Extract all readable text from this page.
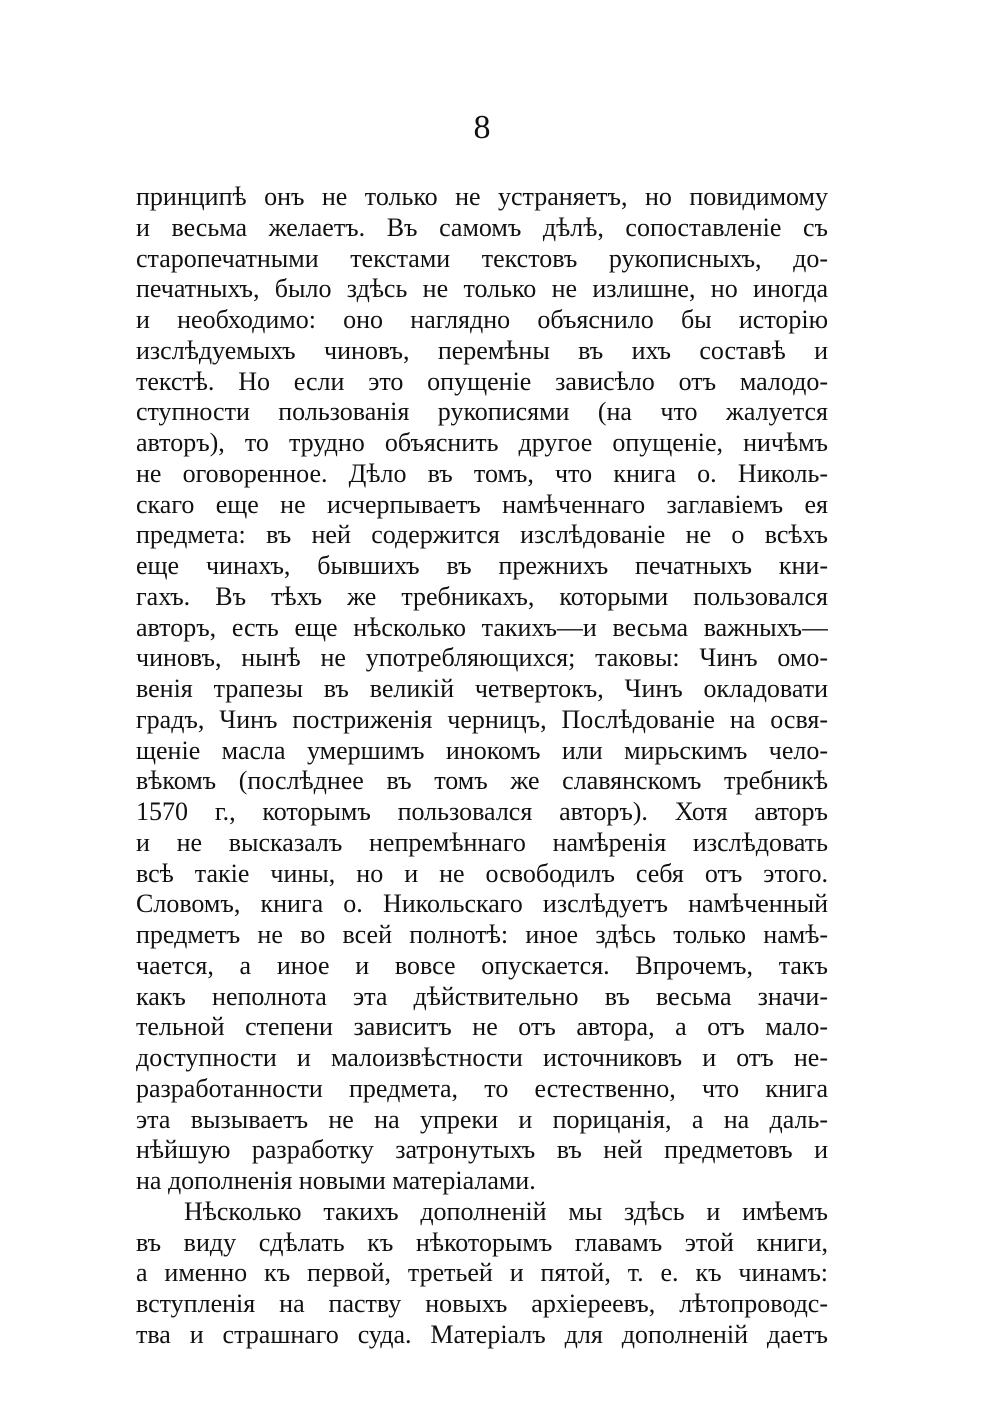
8
принципѣ онъ не только не устраняетъ, но повидимому
и весьма желаетъ. Въ самомъ дѣлѣ, сопоставленіе съ
старопечатными текстами текстовъ рукописныхъ, до-
печатныхъ, было здѣсь не только не излишне, но иногда
и необходимо: оно наглядно объяснило бы исторію
изслѣдуемыхъ чиновъ, перемѣны въ ихъ составѣ и
текстѣ. Но если это опущеніе зависѣло отъ малодо-
ступности пользованія рукописями (на что жалуется
авторъ), то трудно объяснить другое опущеніе, ничѣмъ
не оговоренное. Дѣло въ томъ, что книга о. Николь-
скаго еще не исчерпываетъ намѣченнаго заглавіемъ ея
предмета: въ ней содержится изслѣдованіе не о всѣхъ
еще чинахъ, бывшихъ въ прежнихъ печатныхъ кни-
гахъ. Въ тѣхъ же требникахъ, которыми пользовался
авторъ, есть еще нѣсколько такихъ—и весьма важныхъ—
чиновъ, нынѣ не употребляющихся; таковы: Чинъ омо-
венія трапезы въ великій четвертокъ, Чинъ окладовати
градъ, Чинъ постриженія черницъ, Послѣдованіе на освя-
щеніе масла умершимъ инокомъ или мирьскимъ чело-
вѣкомъ (послѣднее въ томъ же славянскомъ требникѣ
1570 г., которымъ пользовался авторъ). Хотя авторъ
и не высказалъ непремѣннаго намѣренія изслѣдовать
всѣ такіе чины, но и не освободилъ себя отъ этого.
Словомъ, книга о. Никольскаго изслѣдуетъ намѣченный
предметъ не во всей полнотѣ: иное здѣсь только намѣ-
чается, а иное и вовсе опускается. Впрочемъ, такъ
какъ неполнота эта дѣйствительно въ весьма значи-
тельной степени зависитъ не отъ автора, а отъ мало-
доступности и малоизвѣстности источниковъ и отъ не-
разработанности предмета, то естественно, что книга
эта вызываетъ не на упреки и порицанія, а на даль-
нѣйшую разработку затронутыхъ въ ней предметовъ и
на дополненія новыми матеріалами.
Нѣсколько такихъ дополненій мы здѣсь и имѣемъ
въ виду сдѣлать къ нѣкоторымъ главамъ этой книги,
а именно къ первой, третьей и пятой, т. е. къ чинамъ:
вступленія на паству новыхъ архіереевъ, лѣтопроводс-
тва и страшнаго суда. Матеріалъ для дополненій даетъ
